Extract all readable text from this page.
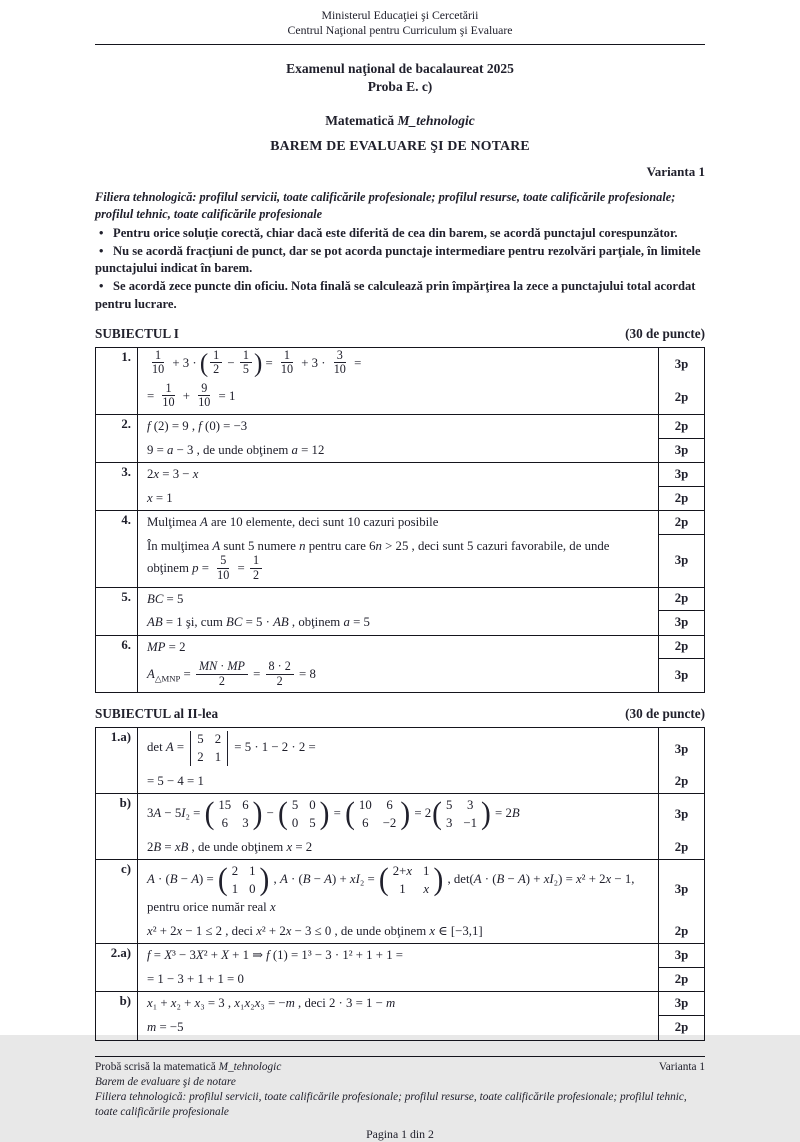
Ministerul Educaţiei şi Cercetării
Centrul Naţional pentru Curriculum şi Evaluare
Examenul naţional de bacalaureat 2025
Proba E. c)
Matematică M_tehnologic
BAREM DE EVALUARE ŞI DE NOTARE
Varianta 1

Filiera tehnologică: profilul servicii, toate calificările profesionale; profilul resurse, toate calificările profesionale; profilul tehnic, toate calificările profesionale

• Pentru orice soluţie corectă, chiar dacă este diferită de cea din barem, se acordă punctajul corespunzător.

• Nu se acordă fracţiuni de punct, dar se pot acorda punctaje intermediare pentru rezolvări parţiale, în limitele punctajului indicat în barem.

• Se acordă zece puncte din oficiu. Nota finală se calculează prin împărţirea la zece a punctajului total acordat pentru lucrare.

SUBIECTUL I	(30 de puncte)
1.	$\frac{1}{10} + 3$ · ( $\frac{1}{2} - \frac{1}{5}$ ) = $\frac{1}{10} + 3 \cdot \frac{3}{10}$ =	3p
= $\frac{1}{10} + \frac{9}{10} = 1$	2p
2.	f (2) = 9 , f (0) = −3	2p
9 = a − 3 , de unde obţinem a = 12	3p
3.	2x = 3 − x	3p
x = 1	2p
4.	Mulţimea A are 10 elemente, deci sunt 10 cazuri posibile	2p
În mulţimea A sunt 5 numere n pentru care 6n > 25 , deci sunt 5 cazuri favorabile, de unde
obţinem $p = \frac{5}{10} = \frac{1}{2}$	3p
5.	BC = 5	2p
AB = 1 şi, cum BC = 5 · AB , obţinem a = 5	3p
6.	MP = 2	2p
$A_{\triangle MNP} = \frac{MN \cdot MP}{2} = \frac{8 \cdot 2}{2} = 8$	3p
SUBIECTUL al II-lea	(30 de puncte)
1.a)
det A =
5 2
2 1
= 5 · 1 − 2 · 2 =	3p
= 5 − 4 = 1	2p
b)
3A − 5I₂ = ( 15 6
6 3 ) − ( 5 0
0 5 ) = ( 10 6
6 −2 ) = 2 ( 5 3
3 −1 ) = 2B	3p
2B = xB , de unde obţinem x = 2	2p
c)
A · (B − A) = ( 2 1
1 0 ) , A · (B − A) + xI₂ = ( 2+x 1
1	x ) , det(A · (B − A) + xI₂) = x² + 2x − 1,
pentru orice număr real x
3p
x² + 2x − 1 ≤ 2 , deci x² + 2x − 3 ≤ 0 , de unde obţinem x ∈ [−3,1]	2p
2.a)	f = X³ − 3X² + X + 1 ⇒ f (1) = 1³ − 3 · 1² + 1 + 1 =	3p
= 1 − 3 + 1 + 1 = 0	2p
b)	x₁ + x₂ + x₃ = 3 , x₁x₂x₃ = −m , deci 2 · 3 = 1 − m	3p
m = −5	2p
Probă scrisă la matematică M_tehnologic	Varianta 1
Barem de evaluare şi de notare
Filiera tehnologică: profilul servicii, toate calificările profesionale; profilul resurse, toate calificările profesionale; profilul tehnic, toate calificările profesionale
Pagina 1 din 2
